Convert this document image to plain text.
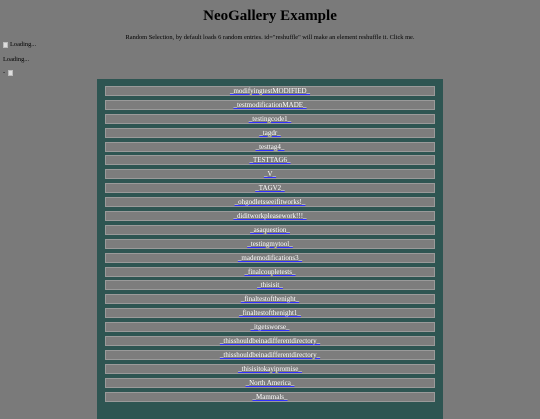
NeoGallery Example
Random Selection, by default loads 6 random entries. id="reshuffle" will make an element reshuffle it. Click me.
Loading...
Loading...
-
_modifyingtestMODIFIED_
_testmodificationMADE_
_testingcode1_
_tagdr_
_testtag4_
_TESTTAG6_
_V_
_TAGV2_
_ohgodletsseeifitworks!_
_diditworkpleasework!!!_
_asaquestion_
_testingmytool_
_mademodifications3_
_finalcoupletests_
_thisisit_
_finaltestofthenight_
_finaltestofthenight1_
_itgetsworse_
_thisshouldbeinadifferentdirectory_
_thisshouldbeinadifferentdirectory_
_thisisitokayipromise_
_North America_
_Mammals_
